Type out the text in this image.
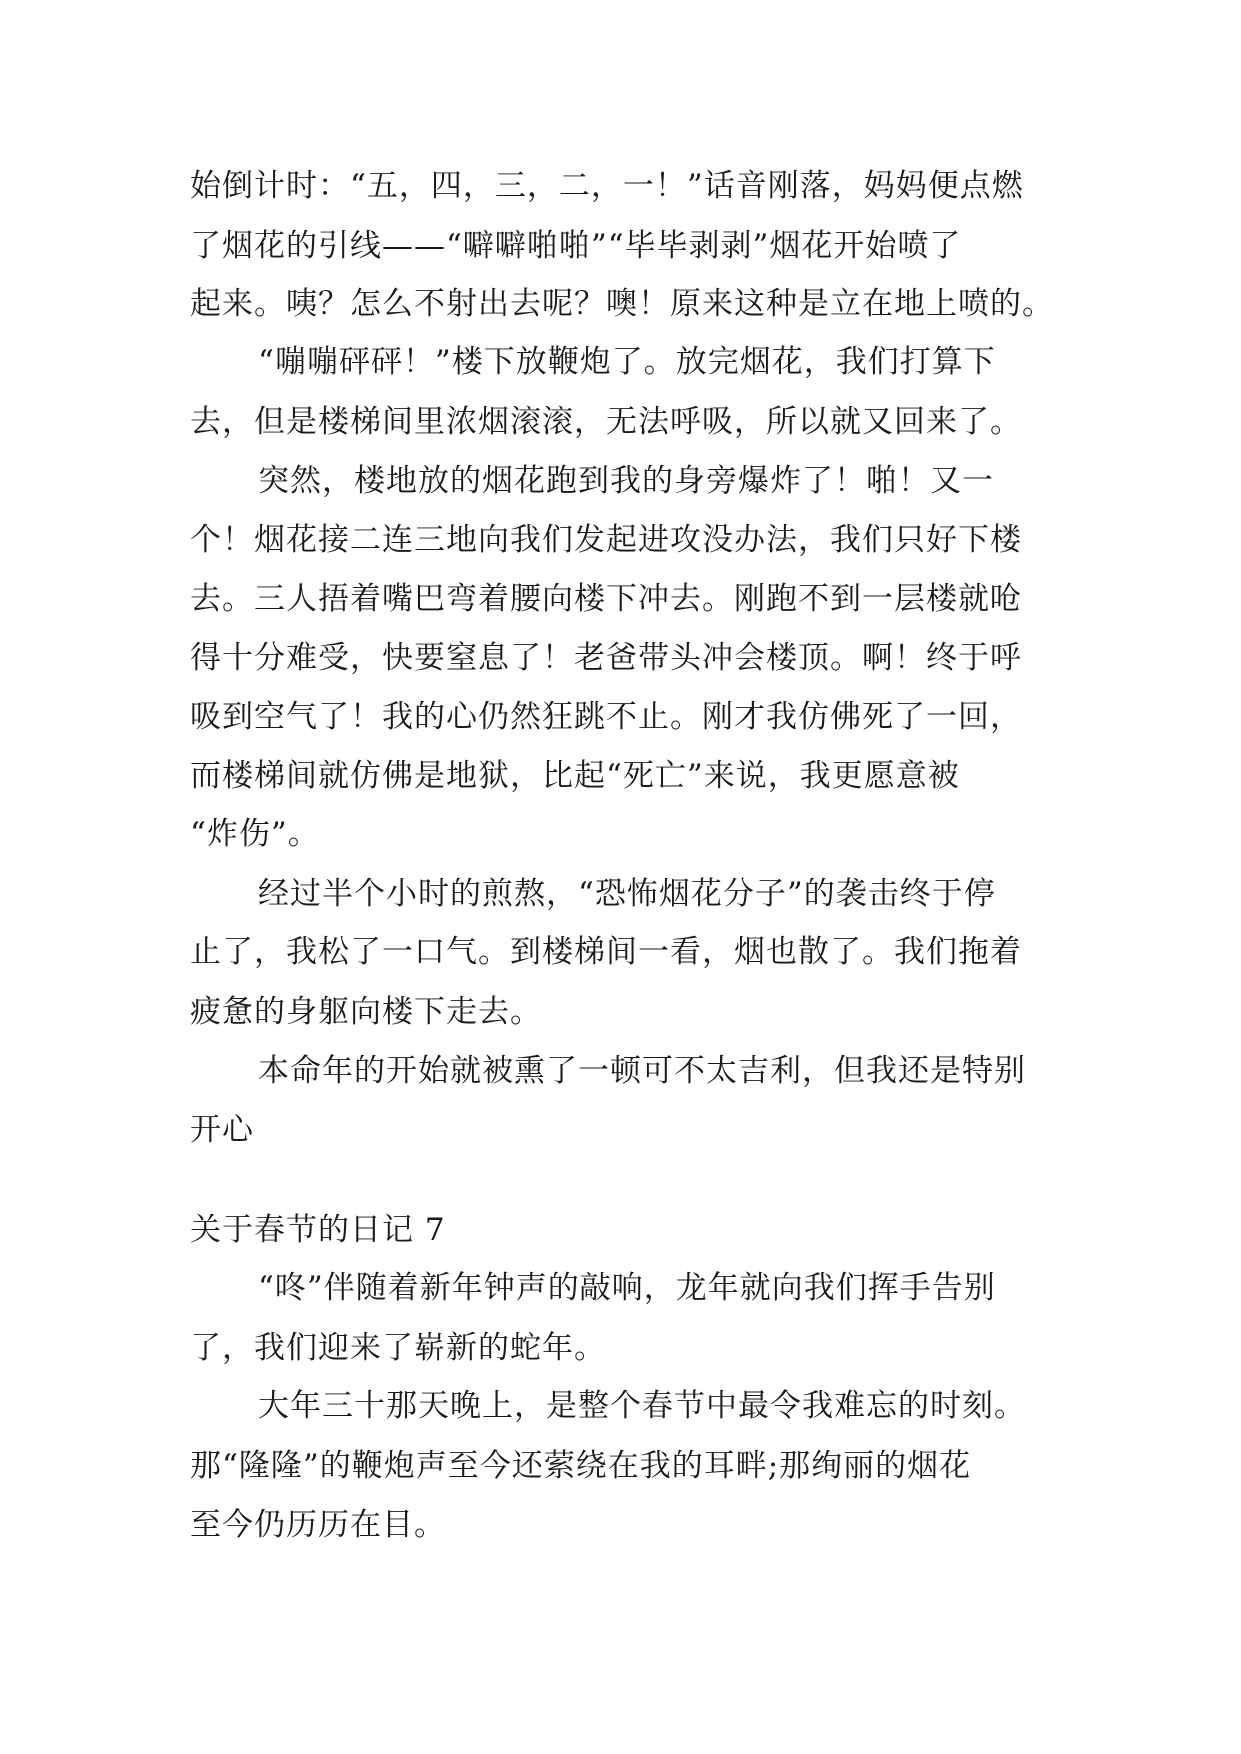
始倒计时：“五，四，三，二，一！”话音刚落，妈妈便点燃
了烟花的引线——“噼噼啪啪”“毕毕剥剥”烟花开始喷了
起来。咦？怎么不射出去呢？噢！原来这种是立在地上喷的。
“嘣嘣砰砰！”楼下放鞭炮了。放完烟花，我们打算下
去，但是楼梯间里浓烟滚滚，无法呼吸，所以就又回来了。
突然，楼地放的烟花跑到我的身旁爆炸了！啪！又一
个！烟花接二连三地向我们发起进攻没办法，我们只好下楼
去。三人捂着嘴巴弯着腰向楼下冲去。刚跑不到一层楼就呛
得十分难受，快要窒息了！老爸带头冲会楼顶。啊！终于呼
吸到空气了！我的心仍然狂跳不止。刚才我仿佛死了一回，
而楼梯间就仿佛是地狱，比起“死亡”来说，我更愿意被
“炸伤”。
经过半个小时的煎熬，“恐怖烟花分子”的袭击终于停
止了，我松了一口气。到楼梯间一看，烟也散了。我们拖着
疲惫的身躯向楼下走去。
本命年的开始就被熏了一顿可不太吉利，但我还是特别
开心
关于春节的日记 7
“咚”伴随着新年钟声的敲响，龙年就向我们挥手告别
了，我们迎来了崭新的蛇年。
大年三十那天晚上，是整个春节中最令我难忘的时刻。
那“隆隆”的鞭炮声至今还萦绕在我的耳畔;那绚丽的烟花
至今仍历历在目。
